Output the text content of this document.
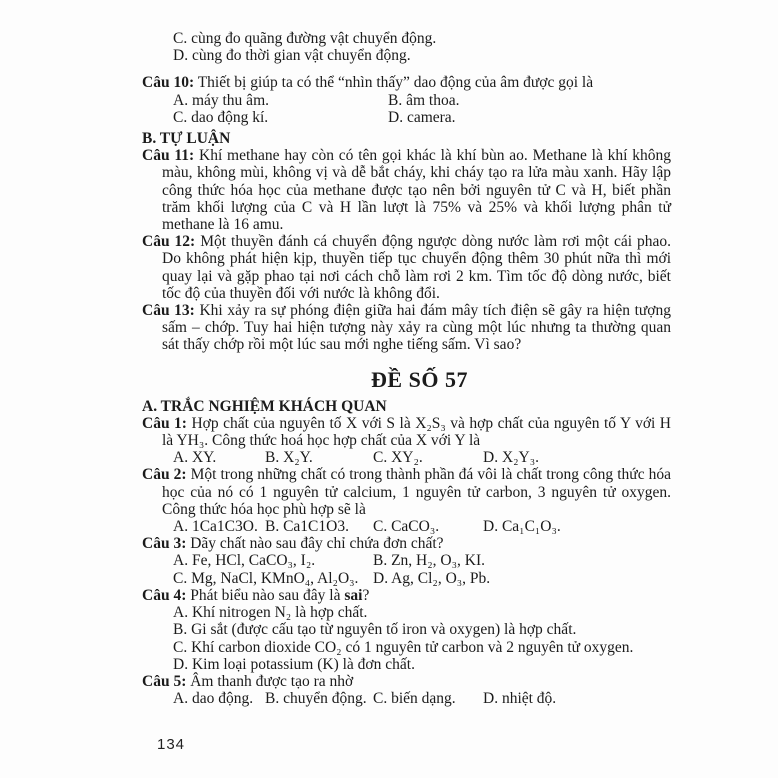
C. cùng đo quãng đường vật chuyển động.

D. cùng đo thời gian vật chuyển động.

Câu 10: Thiết bị giúp ta có thể “nhìn thấy” dao động của âm được gọi là

A. máy thu âm.	B. âm thoa.
C. dao động kí.	D. camera.

B. TỰ LUẬN

Câu 11: Khí methane hay còn có tên gọi khác là khí bùn ao. Methane là khí không màu, không mùi, không vị và dễ bắt cháy, khi cháy tạo ra lửa màu xanh. Hãy lập công thức hóa học của methane được tạo nên bởi nguyên tử C và H, biết phần trăm khối lượng của C và H lần lượt là 75% và 25% và khối lượng phân tử methane là 16 amu.

Câu 12: Một thuyền đánh cá chuyển động ngược dòng nước làm rơi một cái phao. Do không phát hiện kịp, thuyền tiếp tục chuyển động thêm 30 phút nữa thì mới quay lại và gặp phao tại nơi cách chỗ làm rơi 2 km. Tìm tốc độ dòng nước, biết tốc độ của thuyền đối với nước là không đổi.

Câu 13: Khi xảy ra sự phóng điện giữa hai đám mây tích điện sẽ gây ra hiện tượng sấm – chớp. Tuy hai hiện tượng này xảy ra cùng một lúc nhưng ta thường quan sát thấy chớp rồi một lúc sau mới nghe tiếng sấm. Vì sao?

ĐỀ SỐ 57

A. TRẮC NGHIỆM KHÁCH QUAN

Câu 1: Hợp chất của nguyên tố X với S là X₂S₃ và hợp chất của nguyên tố Y với H là YH₃. Công thức hoá học hợp chất của X với Y là

A. XY.	B. X₂Y.	C. XY₂.	D. X₂Y₃.

Câu 2: Một trong những chất có trong thành phần đá vôi là chất trong công thức hóa học của nó có 1 nguyên tử calcium, 1 nguyên tử carbon, 3 nguyên tử oxygen. Công thức hóa học phù hợp sẽ là

A. 1Ca1C3O. B. Ca1C1O3.	C. CaCO₃.	D. Ca₁C₁O₃.

Câu 3: Dãy chất nào sau đây chỉ chứa đơn chất?

A. Fe, HCl, CaCO₃, I₂.	B. Zn, H₂, O₃, KI.
C. Mg, NaCl, KMnO₄, Al₂O₃. D. Ag, Cl₂, O₃, Pb.

Câu 4: Phát biểu nào sau đây là sai?

A. Khí nitrogen N₂ là hợp chất.

B. Gi sắt (được cấu tạo từ nguyên tố iron và oxygen) là hợp chất.

C. Khí carbon dioxide CO₂ có 1 nguyên tử carbon và 2 nguyên tử oxygen.

D. Kim loại potassium (K) là đơn chất.

Câu 5: Âm thanh được tạo ra nhờ

A. dao động. B. chuyển động. C. biến dạng.	D. nhiệt độ.
134
